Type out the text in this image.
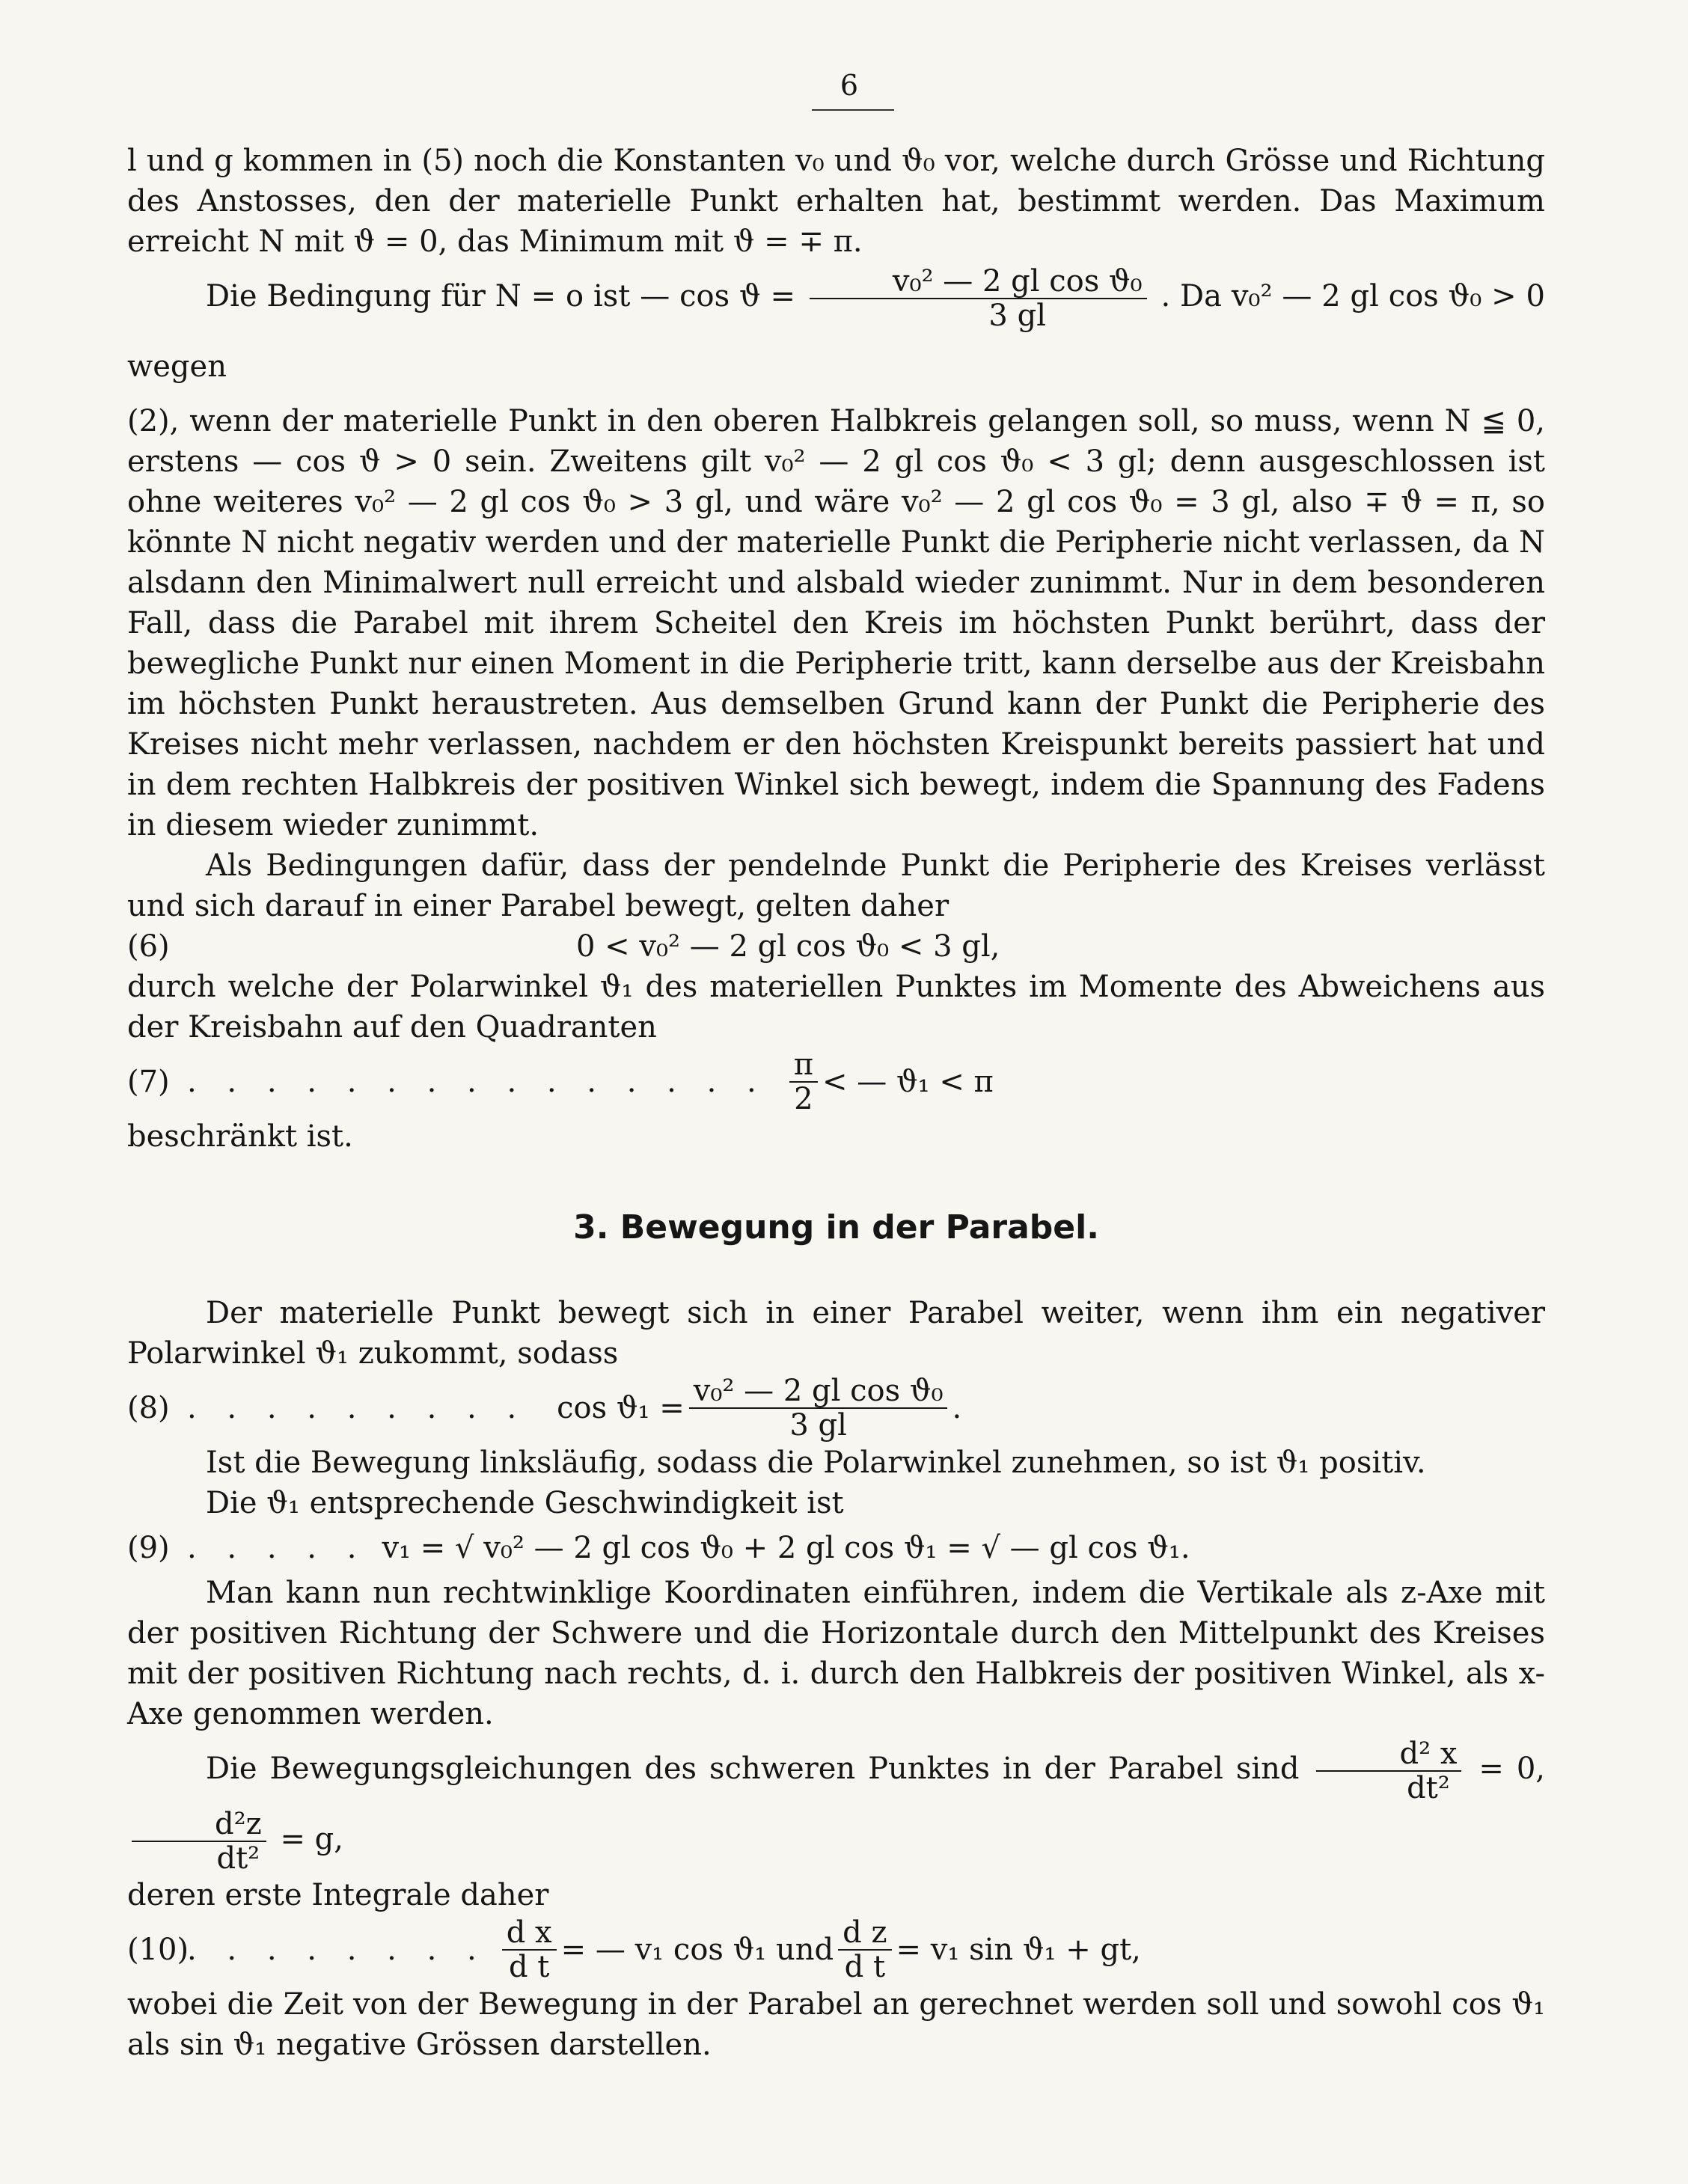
6

l und g kommen in (5) noch die Konstanten v₀ und ϑ₀ vor, welche durch Grösse und Richtung des Anstosses, den der materielle Punkt erhalten hat, bestimmt werden. Das Maximum erreicht N mit ϑ = 0, das Minimum mit ϑ = ∓ π.

Die Bedingung für N = o ist — $\cos ϑ = \frac{\text{v₀² — 2 gl cos ϑ₀}}{3 gl}$ . Da v₀² — 2 gl cos ϑ₀ > 0 wegen

(2), wenn der materielle Punkt in den oberen Halbkreis gelangen soll, so muss, wenn N ≦ 0, erstens — cos ϑ > 0 sein. Zweitens gilt v₀² — 2 gl cos ϑ₀ < 3 gl; denn ausgeschlossen ist ohne weiteres v₀² — 2 gl cos ϑ₀ > 3 gl, und wäre v₀² — 2 gl cos ϑ₀ = 3 gl, also ∓ ϑ = π, so könnte N nicht negativ werden und der materielle Punkt die Peripherie nicht verlassen, da N alsdann den Minimalwert null erreicht und alsbald wieder zunimmt. Nur in dem besonderen Fall, dass die Parabel mit ihrem Scheitel den Kreis im höchsten Punkt berührt, dass der bewegliche Punkt nur einen Moment in die Peripherie tritt, kann derselbe aus der Kreisbahn im höchsten Punkt heraustreten. Aus demselben Grund kann der Punkt die Peripherie des Kreises nicht mehr verlassen, nachdem er den höchsten Kreispunkt bereits passiert hat und in dem rechten Halbkreis der positiven Winkel sich bewegt, indem die Spannung des Fadens in diesem wieder zunimmt.

Als Bedingungen dafür, dass der pendelnde Punkt die Peripherie des Kreises verlässt und sich darauf in einer Parabel bewegt, gelten daher

(6)	0 < v₀² — 2 gl cos ϑ₀ < 3 gl,

durch welche der Polarwinkel ϑ₁ des materiellen Punktes im Momente des Abweichens aus der Kreisbahn auf den Quadranten

(7) . . . . . . . . . . . . . . . $\frac{\pi}{2}$ < — ϑ₁ < π

beschränkt ist.

3. Bewegung in der Parabel.

Der materielle Punkt bewegt sich in einer Parabel weiter, wenn ihm ein negativer Polarwinkel ϑ₁ zukommt, sodass

(8) . . . . . . . . . $\cos ϑ_1 = \frac{\text{v₀² — 2 gl cos ϑ₀}}{3 gl}$ .

Ist die Bewegung linksläufig, sodass die Polarwinkel zunehmen, so ist ϑ₁ positiv.

Die ϑ₁ entsprechende Geschwindigkeit ist

(9) . . . . . v₁ = √ v₀² — 2 gl cos ϑ₀ + 2 gl cos ϑ₁ = √ — gl cos ϑ₁.

Man kann nun rechtwinklige Koordinaten einführen, indem die Vertikale als z-Axe mit der positiven Richtung der Schwere und die Horizontale durch den Mittelpunkt des Kreises mit der positiven Richtung nach rechts, d. i. durch den Halbkreis der positiven Winkel, als x-Axe genommen werden.

Die Bewegungsgleichungen des schweren Punktes in der Parabel sind $\frac{\text{d² x}}{\text{dt²}} = 0$,
$\frac{\text{d²z}}{\text{dt²}} = g$,

deren erste Integrale daher

(10)
. . . . . . . . $\frac{\text{d x}}{\text{d t}}$ = — v₁ cos ϑ₁ und $\frac{\text{d z}}{\text{d t}} = v_1$ sin ϑ₁ + gt,

wobei die Zeit von der Bewegung in der Parabel an gerechnet werden soll und sowohl cos ϑ₁ als sin ϑ₁ negative Grössen darstellen.
